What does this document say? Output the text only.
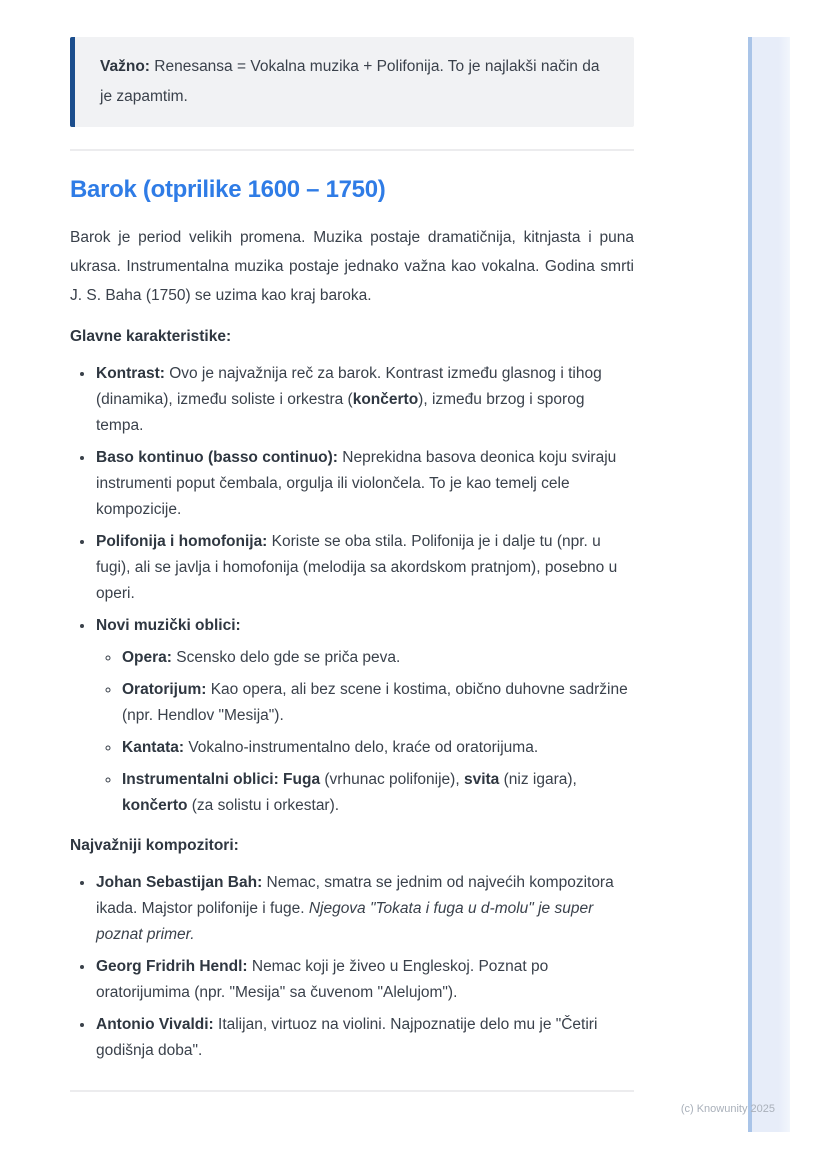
Važno: Renesansa = Vokalna muzika + Polifonija. To je najlakši način da je zapamtim.

Barok (otprilike 1600 – 1750)

Barok je period velikih promena. Muzika postaje dramatičnija, kitnjasta i puna ukrasa. Instrumentalna muzika postaje jednako važna kao vokalna. Godina smrti J. S. Baha (1750) se uzima kao kraj baroka.

Glavne karakteristike:

• Kontrast: Ovo je najvažnija reč za barok. Kontrast između glasnog i tihog (dinamika), između soliste i orkestra (končerto), između brzog i sporog tempa.
• Baso kontinuo (basso continuo): Neprekidna basova deonica koju sviraju instrumenti poput čembala, orgulja ili violončela. To je kao temelj cele kompozicije.
• Polifonija i homofonija: Koriste se oba stila. Polifonija je i dalje tu (npr. u fugi), ali se javlja i homofonija (melodija sa akordskom pratnjom), posebno u operi.
• Novi muzički oblici:
◦ Opera: Scensko delo gde se priča peva.
◦ Oratorijum: Kao opera, ali bez scene i kostima, obično duhovne sadržine (npr. Hendlov "Mesija").
◦ Kantata: Vokalno-instrumentalno delo, kraće od oratorijuma.
◦ Instrumentalni oblici: Fuga (vrhunac polifonije), svita (niz igara), končerto (za solistu i orkestar).

Najvažniji kompozitori:

• Johan Sebastijan Bah: Nemac, smatra se jednim od najvećih kompozitora ikada. Majstor polifonije i fuge. Njegova "Tokata i fuga u d-molu" je super poznat primer.
• Georg Fridrih Hendl: Nemac koji je živeo u Engleskoj. Poznat po oratorijumima (npr. "Mesija" sa čuvenom "Alelujom").
• Antonio Vivaldi: Italijan, virtuoz na violini. Najpoznatije delo mu je "Četiri godišnja doba".
(c) Knowunity 2025
